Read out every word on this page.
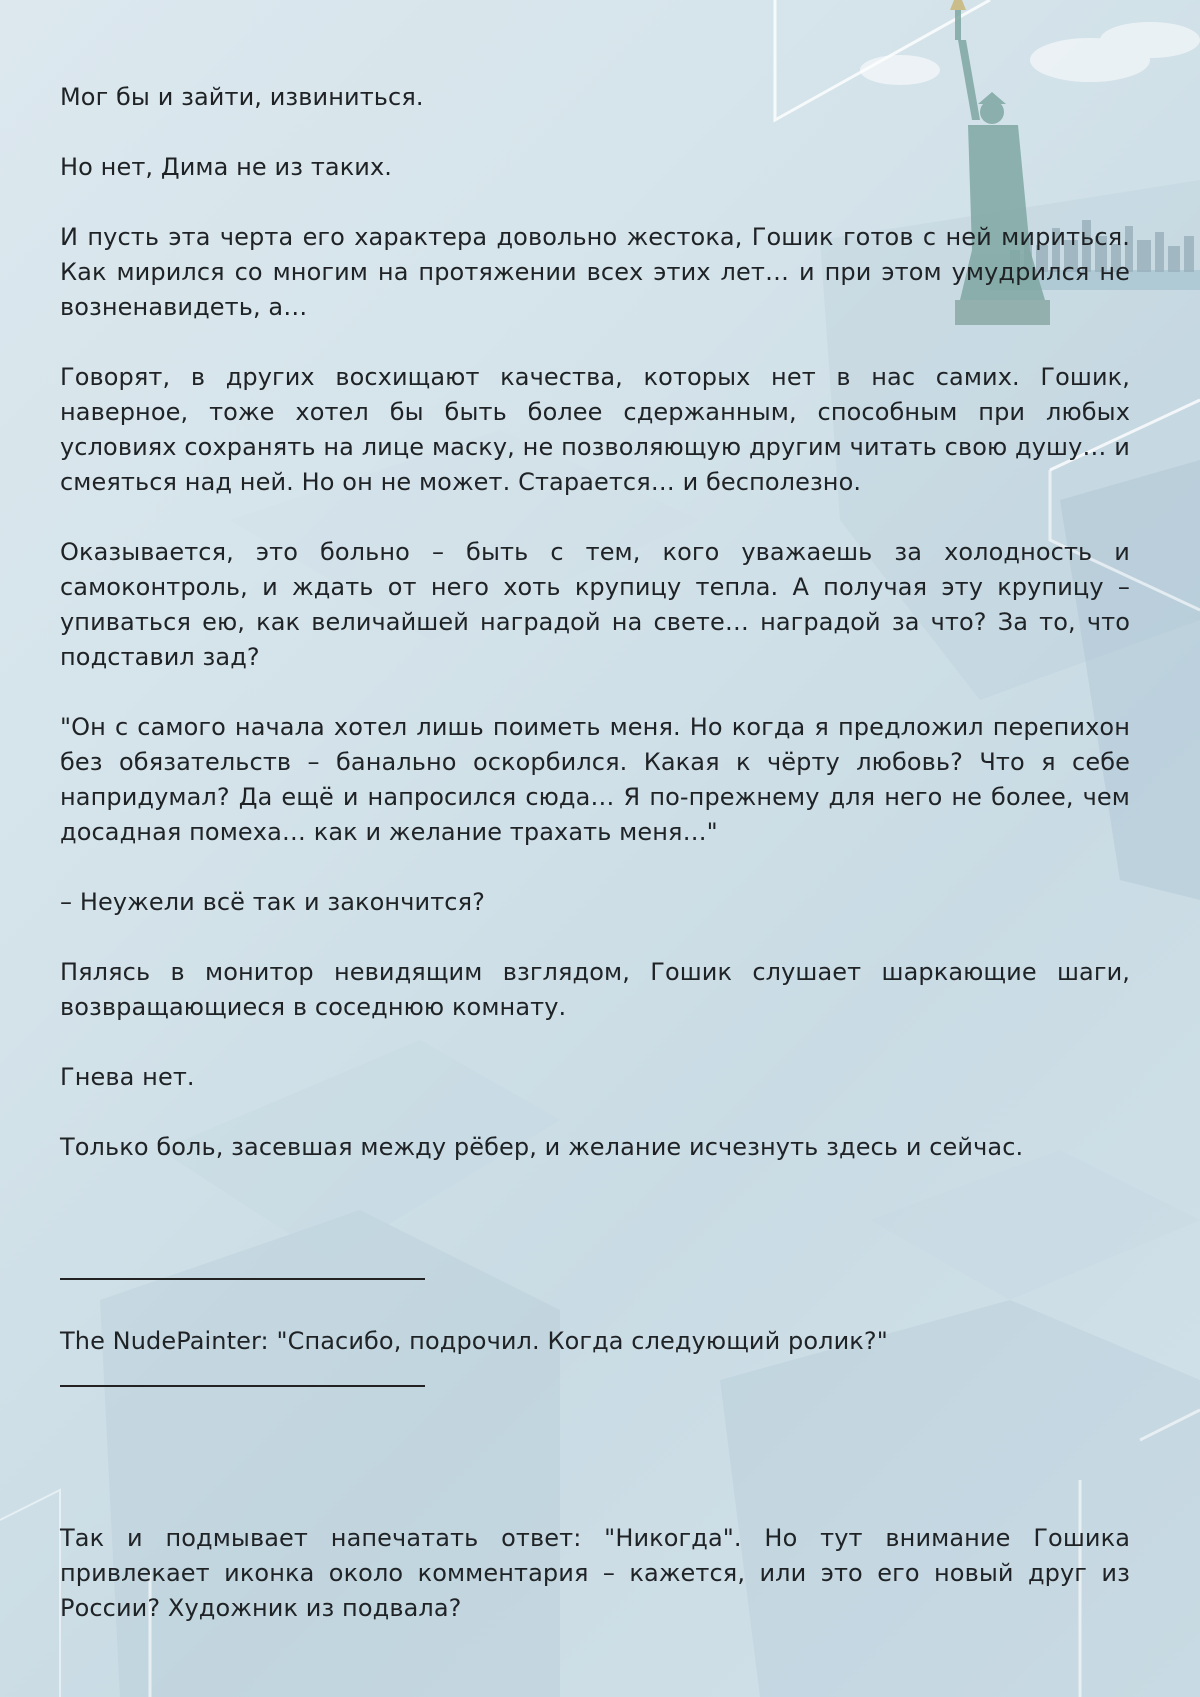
Мог бы и зайти, извиниться.

Но нет, Дима не из таких.

И пусть эта черта его характера довольно жестока, Гошик готов с ней мириться. Как мирился со многим на протяжении всех этих лет… и при этом умудрился не возненавидеть, а…

Говорят, в других восхищают качества, которых нет в нас самих. Гошик, наверное, тоже хотел бы быть более сдержанным, способным при любых условиях сохранять на лице маску, не позволяющую другим читать свою душу… и смеяться над ней. Но он не может. Старается… и бесполезно.

Оказывается, это больно – быть с тем, кого уважаешь за холодность и самоконтроль, и ждать от него хоть крупицу тепла. А получая эту крупицу – упиваться ею, как величайшей наградой на свете… наградой за что? За то, что подставил зад?

"Он с самого начала хотел лишь поиметь меня. Но когда я предложил перепихон без обязательств – банально оскорбился. Какая к чёрту любовь? Что я себе напридумал? Да ещё и напросился сюда… Я по-прежнему для него не более, чем досадная помеха… как и желание трахать меня…"

– Неужели всё так и закончится?

Пялясь в монитор невидящим взглядом, Гошик слушает шаркающие шаги, возвращающиеся в соседнюю комнату.

Гнева нет.

Только боль, засевшая между рёбер, и желание исчезнуть здесь и сейчас.

The NudePainter: "Спасибо, подрочил. Когда следующий ролик?"

Так и подмывает напечатать ответ: "Никогда". Но тут внимание Гошика привлекает иконка около комментария – кажется, или это его новый друг из России? Художник из подвала?
